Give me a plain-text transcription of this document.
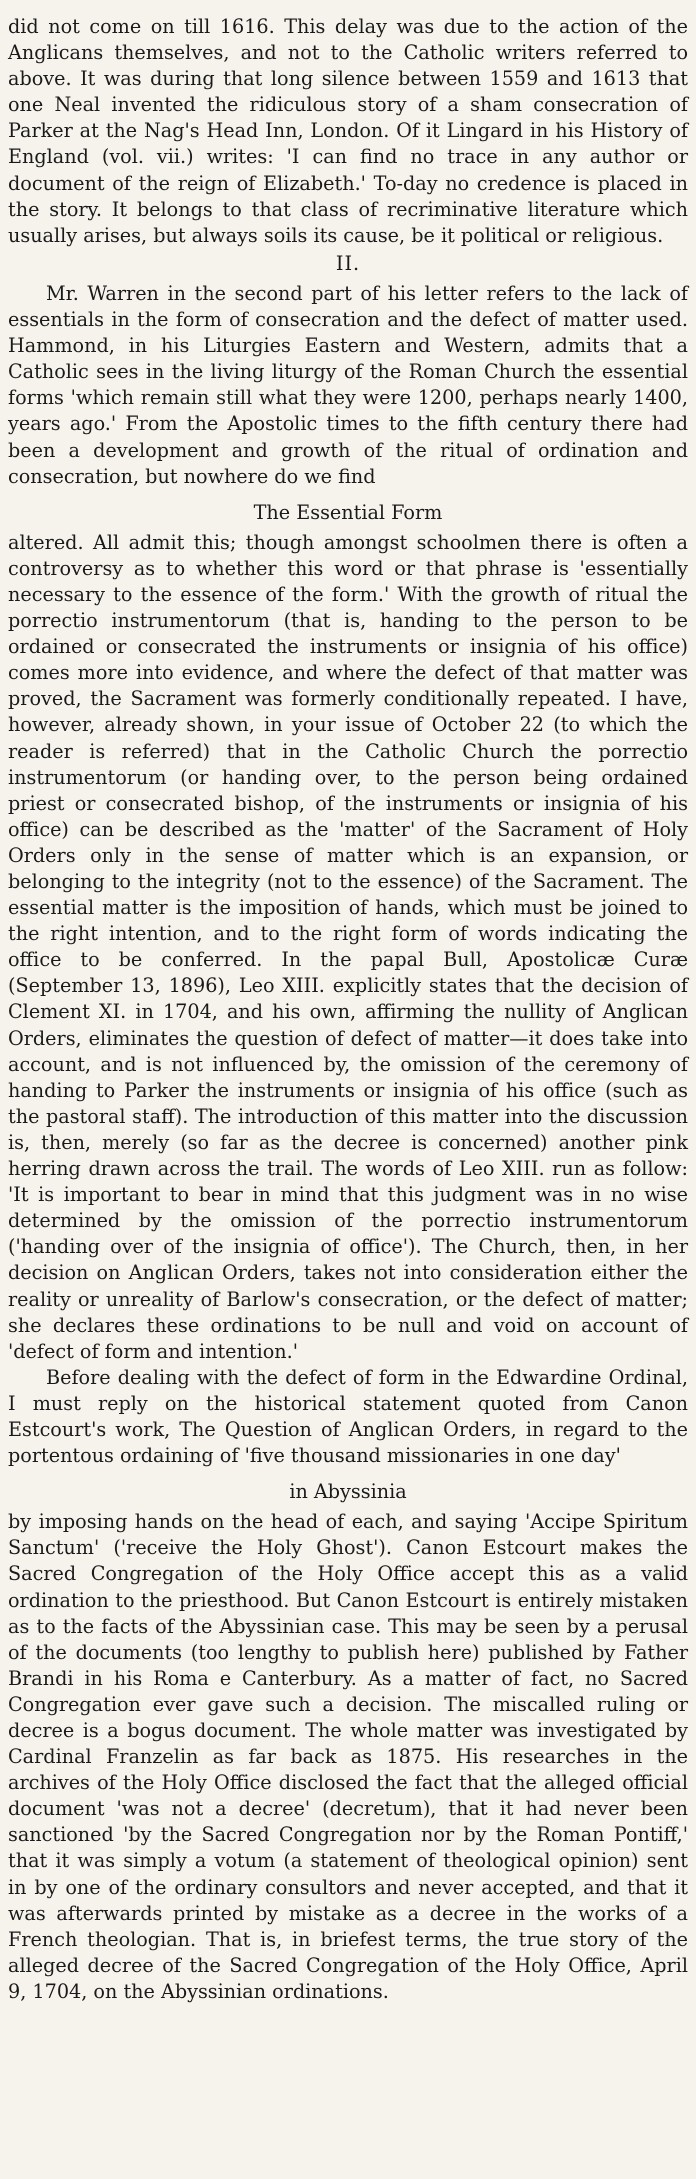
did not come on till 1616. This delay was due to the action of the Anglicans themselves, and not to the Catholic writers referred to above. It was during that long silence between 1559 and 1613 that one Neal invented the ridiculous story of a sham consecration of Parker at the Nag's Head Inn, London. Of it Lingard in his History of England (vol. vii.) writes: 'I can find no trace in any author or document of the reign of Elizabeth.' To-day no credence is placed in the story. It belongs to that class of recriminative literature which usually arises, but always soils its cause, be it political or religious.

II.

Mr. Warren in the second part of his letter refers to the lack of essentials in the form of consecration and the defect of matter used. Hammond, in his Liturgies Eastern and Western, admits that a Catholic sees in the living liturgy of the Roman Church the essential forms 'which remain still what they were 1200, perhaps nearly 1400, years ago.' From the Apostolic times to the fifth century there had been a development and growth of the ritual of ordination and consecration, but nowhere do we find

The Essential Form

altered. All admit this; though amongst schoolmen there is often a controversy as to whether this word or that phrase is 'essentially necessary to the essence of the form.' With the growth of ritual the porrectio instrumentorum (that is, handing to the person to be ordained or consecrated the instruments or insignia of his office) comes more into evidence, and where the defect of that matter was proved, the Sacrament was formerly conditionally repeated. I have, however, already shown, in your issue of October 22 (to which the reader is referred) that in the Catholic Church the porrectio instrumentorum (or handing over, to the person being ordained priest or consecrated bishop, of the instruments or insignia of his office) can be described as the 'matter' of the Sacrament of Holy Orders only in the sense of matter which is an expansion, or belonging to the integrity (not to the essence) of the Sacrament. The essential matter is the imposition of hands, which must be joined to the right intention, and to the right form of words indicating the office to be conferred. In the papal Bull, Apostolicæ Curæ (September 13, 1896), Leo XIII. explicitly states that the decision of Clement XI. in 1704, and his own, affirming the nullity of Anglican Orders, eliminates the question of defect of matter—it does take into account, and is not influenced by, the omission of the ceremony of handing to Parker the instruments or insignia of his office (such as the pastoral staff). The introduction of this matter into the discussion is, then, merely (so far as the decree is concerned) another pink herring drawn across the trail. The words of Leo XIII. run as follow: 'It is important to bear in mind that this judgment was in no wise determined by the omission of the porrectio instrumentorum ('handing over of the insignia of office'). The Church, then, in her decision on Anglican Orders, takes not into consideration either the reality or unreality of Barlow's consecration, or the defect of matter; she declares these ordinations to be null and void on account of 'defect of form and intention.'

Before dealing with the defect of form in the Edwardine Ordinal, I must reply on the historical statement quoted from Canon Estcourt's work, The Question of Anglican Orders, in regard to the portentous ordaining of 'five thousand missionaries in one day'

in Abyssinia

by imposing hands on the head of each, and saying 'Accipe Spiritum Sanctum' ('receive the Holy Ghost'). Canon Estcourt makes the Sacred Congregation of the Holy Office accept this as a valid ordination to the priesthood. But Canon Estcourt is entirely mistaken as to the facts of the Abyssinian case. This may be seen by a perusal of the documents (too lengthy to publish here) published by Father Brandi in his Roma e Canterbury. As a matter of fact, no Sacred Congregation ever gave such a decision. The miscalled ruling or decree is a bogus document. The whole matter was investigated by Cardinal Franzelin as far back as 1875. His researches in the archives of the Holy Office disclosed the fact that the alleged official document 'was not a decree' (decretum), that it had never been sanctioned 'by the Sacred Congregation nor by the Roman Pontiff,' that it was simply a votum (a statement of theological opinion) sent in by one of the ordinary consultors and never accepted, and that it was afterwards printed by mistake as a decree in the works of a French theologian. That is, in briefest terms, the true story of the alleged decree of the Sacred Congregation of the Holy Office, April 9, 1704, on the Abyssinian ordinations.
